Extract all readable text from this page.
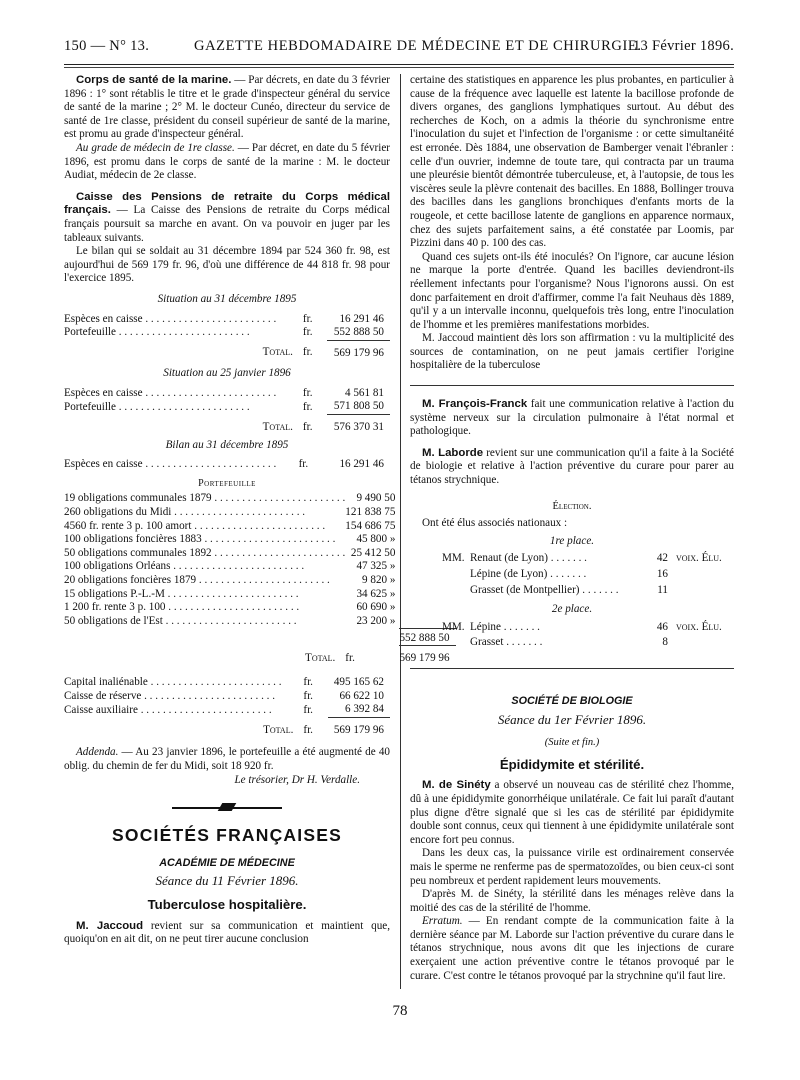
150 — N° 13.	GAZETTE HEBDOMADAIRE DE MÉDECINE ET DE CHIRURGIE.
13 Février 1896.

Corps de santé de la marine. — Par décrets, en date du 3 février 1896 : 1° sont rétablis le titre et le grade d'inspecteur général du service de santé de la marine ; 2° M. le docteur Cunéo, directeur du service de santé de 1re classe, président du conseil supérieur de santé de la marine, est promu au grade d'inspecteur général.

Au grade de médecin de 1re classe. — Par décret, en date du 5 février 1896, est promu dans le corps de santé de la marine : M. le docteur Audiat, médecin de 2e classe.

Caisse des Pensions de retraite du Corps médical français. — La Caisse des Pensions de retraite du Corps médical français poursuit sa marche en avant. On va pouvoir en juger par les tableaux suivants.

Le bilan qui se soldait au 31 décembre 1894 par 524 360 fr. 98, est aujourd'hui de 569 179 fr. 96, d'où une différence de 44 818 fr. 98 pour l'exercice 1895.

Situation au 31 décembre 1895
Espèces en caisse . . . . . . . . . . . . . . . . . . . . . . . .	fr.	16 291 46
Portefeuille . . . . . . . . . . . . . . . . . . . . . . . .	fr.	552 888 50
Total.	fr.	569 179 96
Situation au 25 janvier 1896
Espèces en caisse . . . . . . . . . . . . . . . . . . . . . . . .	fr.	4 561 81
Portefeuille . . . . . . . . . . . . . . . . . . . . . . . .	fr.	571 808 50
Total.	fr.	576 370 31
Bilan au 31 décembre 1895
Espèces en caisse . . . . . . . . . . . . . . . . . . . . . . . .	fr.	16 291 46
Portefeuille
19 obligations communales 1879 . . . . . . . . . . . . . . . . . . . . . . . .	9 490 50	
260 obligations du Midi . . . . . . . . . . . . . . . . . . . . . . . .	121 838 75	
4560 fr. rente 3 p. 100 amort . . . . . . . . . . . . . . . . . . . . . . . .	154 686 75	
100 obligations foncières 1883 . . . . . . . . . . . . . . . . . . . . . . . .	45 800 »	
50 obligations communales 1892 . . . . . . . . . . . . . . . . . . . . . . . .	25 412 50	
100 obligations Orléans . . . . . . . . . . . . . . . . . . . . . . . .	47 325 »	
20 obligations foncières 1879 . . . . . . . . . . . . . . . . . . . . . . . .	9 820 »	
15 obligations P.-L.-M . . . . . . . . . . . . . . . . . . . . . . . .	34 625 »	
1 200 fr. rente 3 p. 100 . . . . . . . . . . . . . . . . . . . . . . . .	60 690 »	
50 obligations de l'Est . . . . . . . . . . . . . . . . . . . . . . . .	23 200 »	
		552 888 50
Total.	fr.	569 179 96
Capital inaliénable . . . . . . . . . . . . . . . . . . . . . . . .	fr.	495 165 62
Caisse de réserve . . . . . . . . . . . . . . . . . . . . . . . .	fr.	66 622 10
Caisse auxiliaire . . . . . . . . . . . . . . . . . . . . . . . .	fr.	6 392 84
Total.	fr.	569 179 96

Addenda. — Au 23 janvier 1896, le portefeuille a été augmenté de 40 oblig. du chemin de fer du Midi, soit 18 920 fr.

Le trésorier, Dr H. Verdalle.
SOCIÉTÉS FRANÇAISES
ACADÉMIE DE MÉDECINE
Séance du 11 Février 1896.
Tuberculose hospitalière.

M. Jaccoud revient sur sa communication et maintient que, quoiqu'on en ait dit, on ne peut tirer aucune conclusion

certaine des statistiques en apparence les plus probantes, en particulier à cause de la fréquence avec laquelle est latente la bacillose profonde de divers organes, des ganglions lymphatiques surtout. Au début des recherches de Koch, on a admis la théorie du synchronisme entre l'inoculation du sujet et l'infection de l'organisme : or cette simultanéité est erronée. Dès 1884, une observation de Bamberger venait l'ébranler : celle d'un ouvrier, indemne de toute tare, qui contracta par un trauma une pleurésie bientôt démontrée tuberculeuse, et, à l'autopsie, de tous les viscères seule la plèvre contenait des bacilles. En 1888, Bollinger trouva des bacilles dans les ganglions bronchiques d'enfants morts de la rougeole, et cette bacillose latente de ganglions en apparence normaux, chez des sujets parfaitement sains, a été constatée par Loomis, par Pizzini dans 40 p. 100 des cas.

Quand ces sujets ont-ils été inoculés? On l'ignore, car aucune lésion ne marque la porte d'entrée. Quand les bacilles deviendront-ils réellement infectants pour l'organisme? Nous l'ignorons aussi. On est donc parfaitement en droit d'affirmer, comme l'a fait Neuhaus dès 1889, qu'il y a un intervalle inconnu, quelquefois très long, entre l'inoculation de l'homme et les premières manifestations morbides.

M. Jaccoud maintient dès lors son affirmation : vu la multiplicité des sources de contamination, on ne peut jamais certifier l'origine hospitalière de la tuberculose

M. François-Franck fait une communication relative à l'action du système nerveux sur la circulation pulmonaire à l'état normal et pathologique.

M. Laborde revient sur une communication qu'il a faite à la Société de biologie et relative à l'action préventive du curare pour parer au tétanos strychnique.

Élection.

Ont été élus associés nationaux :

1re place.
MM.	Renaut (de Lyon) . . . . . . .	42	voix. Élu.
	Lépine (de Lyon) . . . . . . .	16	
	Grasset (de Montpellier) . . . . . . .	11	
2e place.
MM.	Lépine . . . . . . .	46	voix. Élu.
	Grasset . . . . . . .	8	
SOCIÉTÉ DE BIOLOGIE
Séance du 1er Février 1896.
(Suite et fin.)
Épididymite et stérilité.

M. de Sinéty a observé un nouveau cas de stérilité chez l'homme, dû à une épididymite gonorrhéique unilatérale. Ce fait lui paraît d'autant plus digne d'être signalé que si les cas de stérilité par épididymite double sont connus, ceux qui tiennent à une épididymite unilatérale sont encore fort peu connus.

Dans les deux cas, la puissance virile est ordinairement conservée mais le sperme ne renferme pas de spermatozoïdes, ou bien ceux-ci sont peu nombreux et perdent rapidement leurs mouvements.

D'après M. de Sinéty, la stérilité dans les ménages relève dans la moitié des cas de la stérilité de l'homme.

Erratum. — En rendant compte de la communication faite à la dernière séance par M. Laborde sur l'action préventive du curare dans le tétanos strychnique, nous avons dit que les injections de curare exerçaient une action préventive contre le tétanos provoqué par le curare. C'est contre le tétanos provoqué par la strychnine qu'il faut lire.

78
